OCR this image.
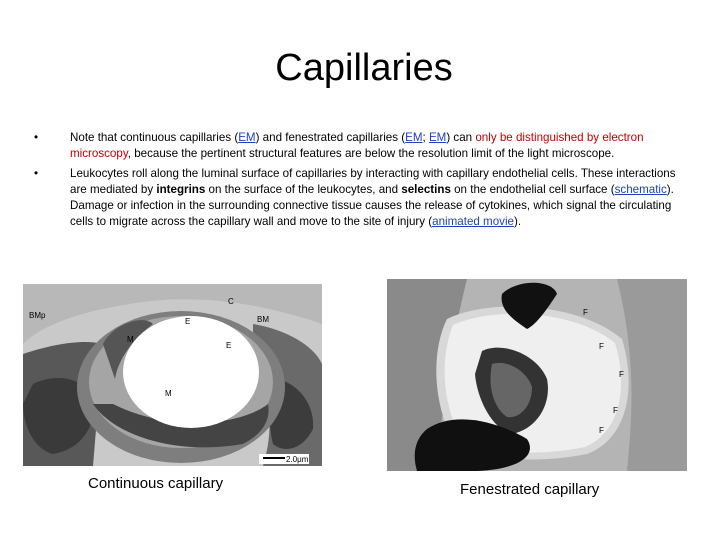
Capillaries
•	Note that continuous capillaries (EM) and fenestrated capillaries (EM; EM) can only be distinguished by electron microscopy, because the pertinent structural features are below the resolution limit of the light microscope.
•	Leukocytes roll along the luminal surface of capillaries by interacting with capillary endothelial cells. These interactions are mediated by integrins on the surface of the leukocytes, and selectins on the endothelial cell surface (schematic). Damage or infection in the surrounding connective tissue causes the release of cytokines, which signal the circulating cells to migrate across the capillary wall and move to the site of injury (animated movie).
BMp
C
E	BM
M
E
M
2.0μm
F
F
F
F
F
Continuous capillary	Fenestrated capillary
